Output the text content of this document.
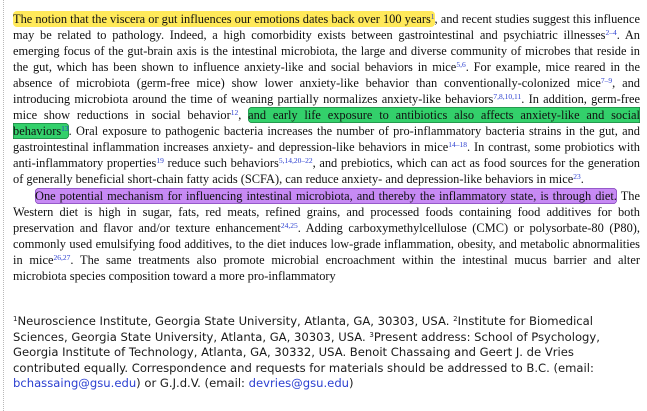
The notion that the viscera or gut influences our emotions dates back over 100 years$^1$, and recent studies suggest this influence may be related to pathology. Indeed, a high comorbidity exists between gastrointestinal and psychiatric illnesses$^{2-4}$. An emerging focus of the gut-brain axis is the intestinal microbiota, the large and diverse community of microbes that reside in the gut, which has been shown to influence anxiety-like and social behaviors in mice$^{5,6}$. For example, mice reared in the absence of microbiota (germ-free mice) show lower anxiety-like behavior than conventionally-colonized mice$^{7-9}$, and introducing microbiota around the time of weaning partially normalizes anxiety-like behaviors$^{7,8,10,11}$. In addition, germ-free mice show reductions in social behavior$^{12}$, and early life exposure to antibiotics also affects anxiety-like and social behaviors$^{13}$. Oral exposure to pathogenic bacteria increases the number of pro-inflammatory bacteria strains in the gut, and gastrointestinal inflammation increases anxiety- and depression-like behaviors in mice$^{14-18}$. In contrast, some probiotics with anti-inflammatory properties$^{19}$ reduce such behaviors$^{5,14,20-22}$, and prebiotics, which can act as food sources for the generation of generally beneficial short-chain fatty acids (SCFA), can reduce anxiety- and depression-like behaviors in mice$^{23}$.

One potential mechanism for influencing intestinal microbiota, and thereby the inflammatory state, is through diet. The Western diet is high in sugar, fats, red meats, refined grains, and processed foods containing food additives for both preservation and flavor and/or texture enhancement$^{24,25}$. Adding carboxymethylcellulose (CMC) or polysorbate-80 (P80), commonly used emulsifying food additives, to the diet induces low-grade inflammation, obesity, and metabolic abnormalities in mice$^{26,27}$. The same treatments also promote microbial encroachment within the intestinal mucus barrier and alter microbiota species composition toward a more pro-inflammatory

$^1$Neuroscience Institute, Georgia State University, Atlanta, GA, 30303, USA. $^2$Institute for Biomedical Sciences, Georgia State University, Atlanta, GA, 30303, USA. $^3$Present address: School of Psychology, Georgia Institute of Technology, Atlanta, GA, 30332, USA. Benoit Chassaing and Geert J. de Vries contributed equally. Correspondence and requests for materials should be addressed to B.C. (email: bchassaing@gsu.edu) or G.J.d.V. (email: devries@gsu.edu)
